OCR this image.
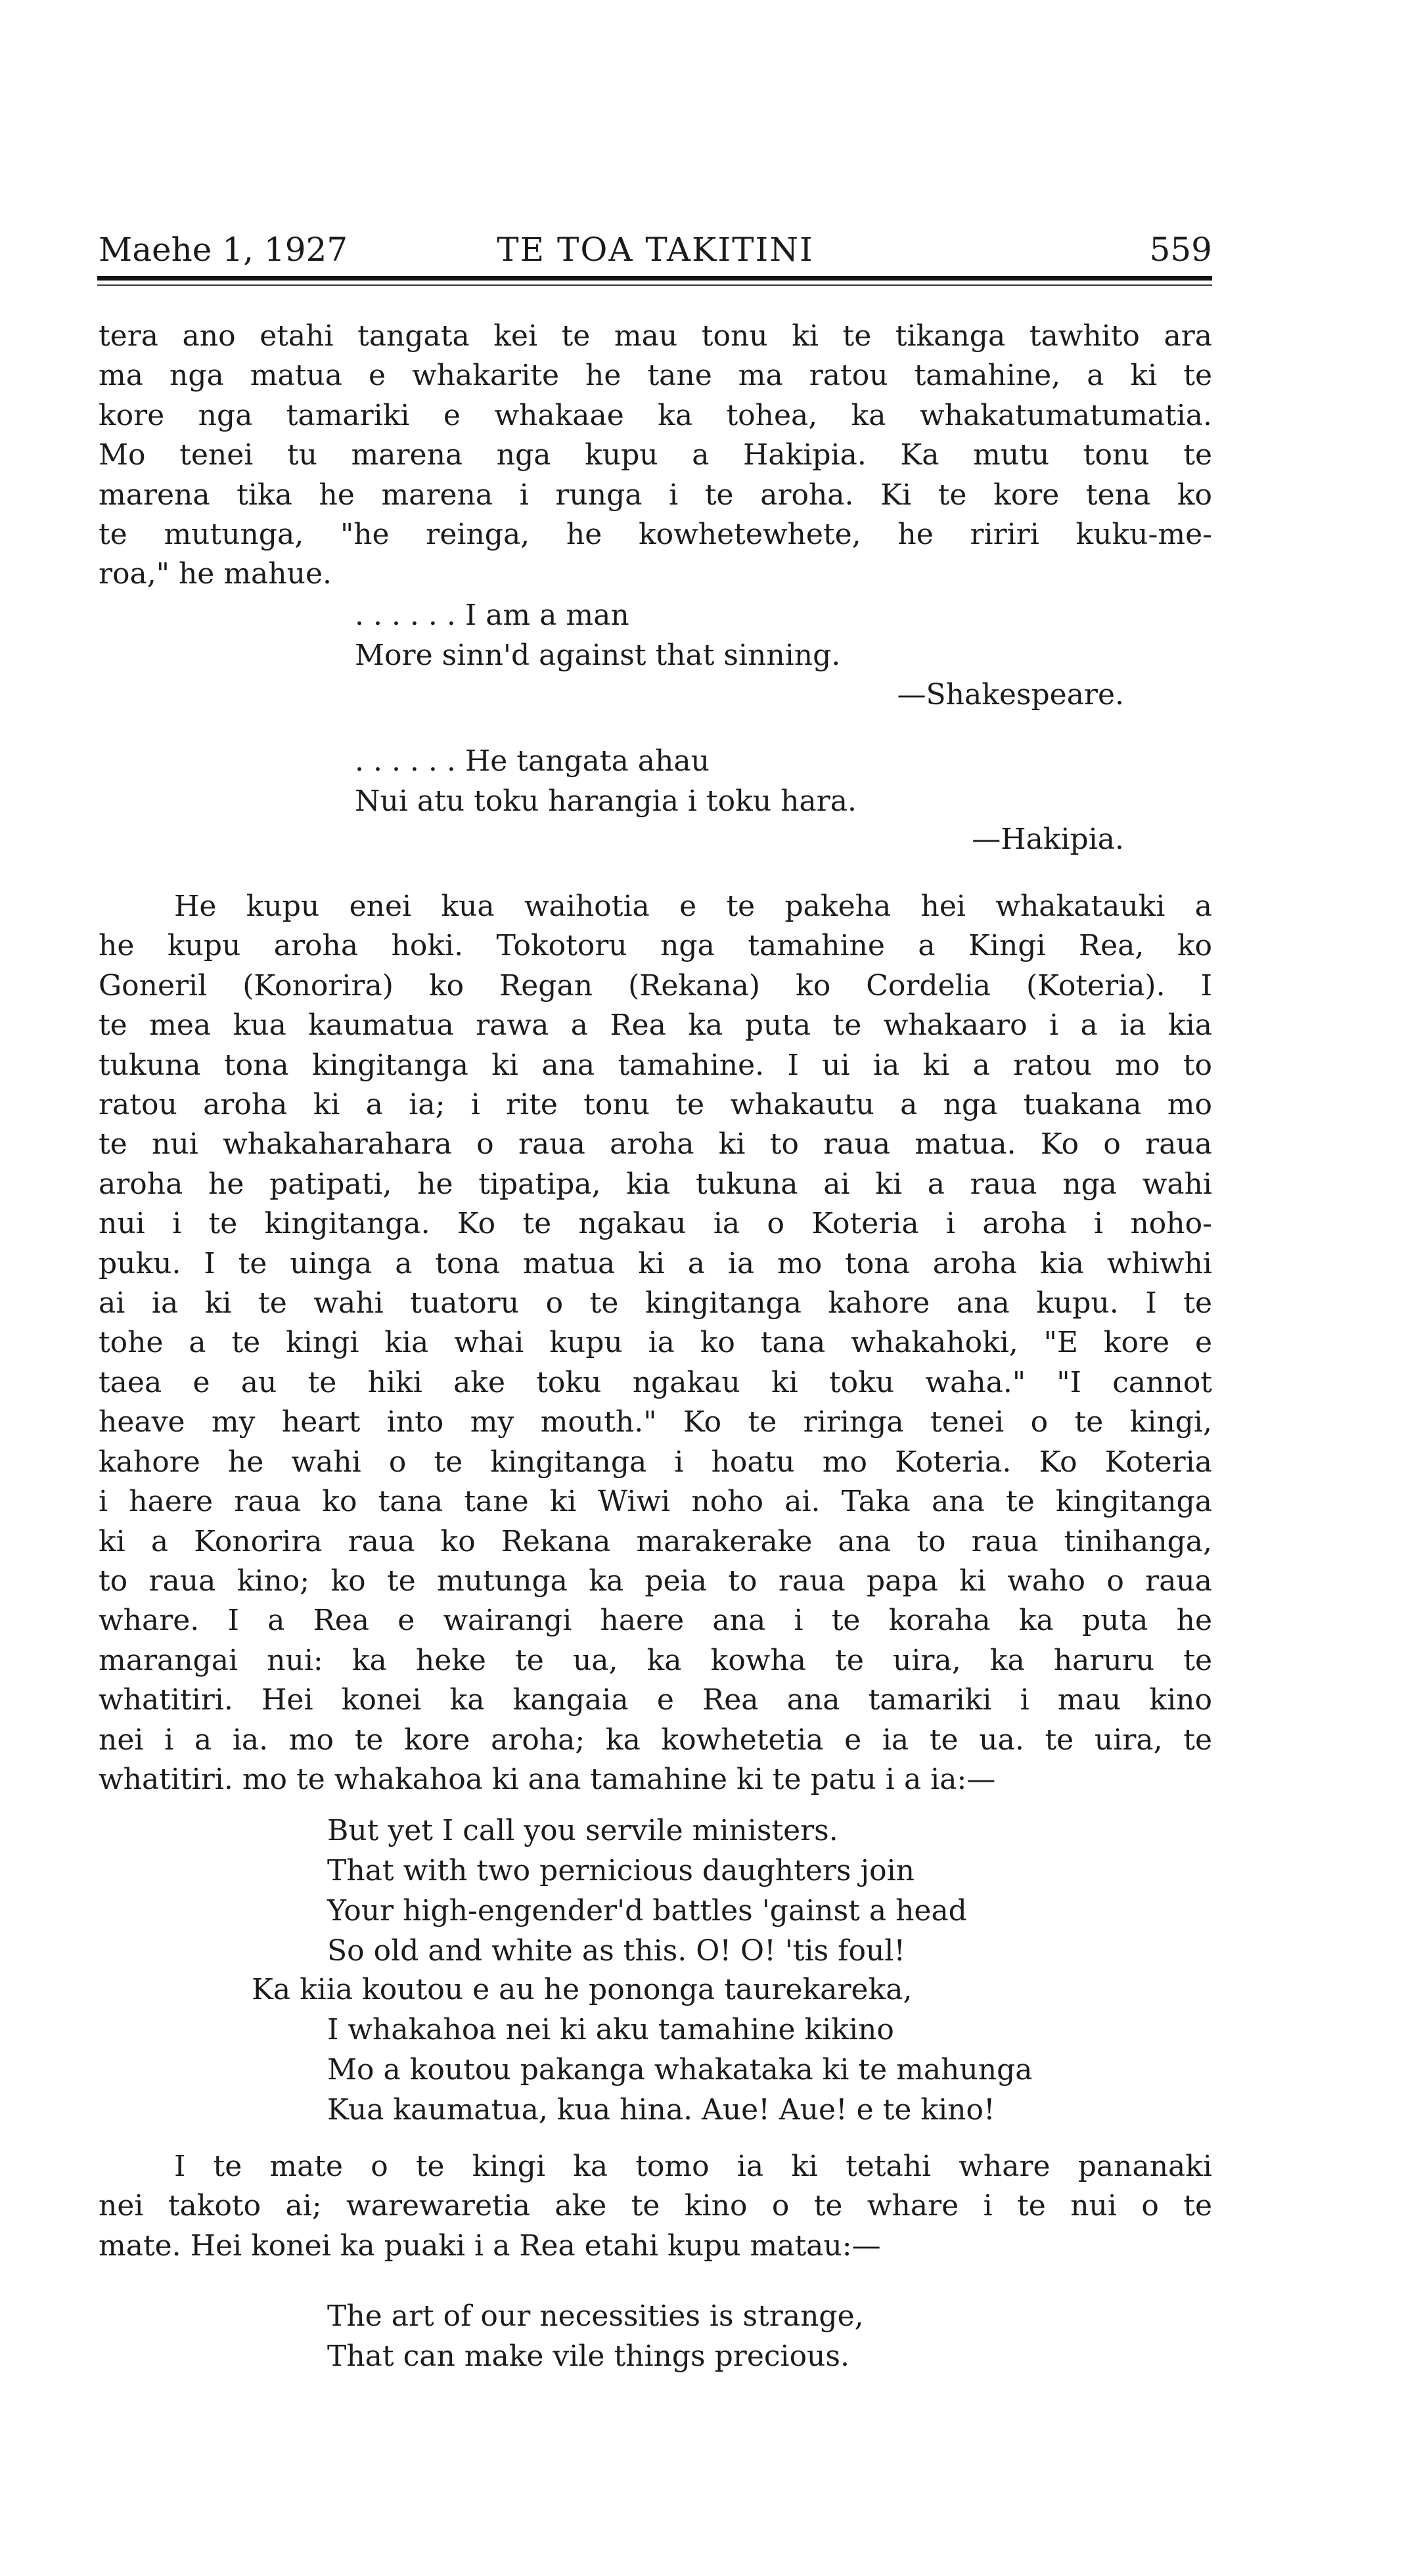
Maehe 1, 1927	TE TOA TAKITINI	559
tera ano etahi tangata kei te mau tonu ki te tikanga tawhito ara
ma nga matua e whakarite he tane ma ratou tamahine, a ki te
kore nga tamariki e whakaae ka tohea, ka whakatumatumatia.
Mo tenei tu marena nga kupu a Hakipia. Ka mutu tonu te
marena tika he marena i runga i te aroha. Ki te kore tena ko
te mutunga, "he reinga, he kowhetewhete, he ririri kuku-me-
roa," he mahue.
. . . . . . I am a man
More sinn'd against that sinning.
—Shakespeare.
. . . . . . He tangata ahau
Nui atu toku harangia i toku hara.
—Hakipia.
He kupu enei kua waihotia e te pakeha hei whakatauki a
he kupu aroha hoki. Tokotoru nga tamahine a Kingi Rea, ko
Goneril (Konorira) ko Regan (Rekana) ko Cordelia (Koteria). I
te mea kua kaumatua rawa a Rea ka puta te whakaaro i a ia kia
tukuna tona kingitanga ki ana tamahine. I ui ia ki a ratou mo to
ratou aroha ki a ia; i rite tonu te whakautu a nga tuakana mo
te nui whakaharahara o raua aroha ki to raua matua. Ko o raua
aroha he patipati, he tipatipa, kia tukuna ai ki a raua nga wahi
nui i te kingitanga. Ko te ngakau ia o Koteria i aroha i noho-
puku. I te uinga a tona matua ki a ia mo tona aroha kia whiwhi
ai ia ki te wahi tuatoru o te kingitanga kahore ana kupu. I te
tohe a te kingi kia whai kupu ia ko tana whakahoki, "E kore e
taea e au te hiki ake toku ngakau ki toku waha." "I cannot
heave my heart into my mouth." Ko te riringa tenei o te kingi,
kahore he wahi o te kingitanga i hoatu mo Koteria. Ko Koteria
i haere raua ko tana tane ki Wiwi noho ai. Taka ana te kingitanga
ki a Konorira raua ko Rekana marakerake ana to raua tinihanga,
to raua kino; ko te mutunga ka peia to raua papa ki waho o raua
whare. I a Rea e wairangi haere ana i te koraha ka puta he
marangai nui: ka heke te ua, ka kowha te uira, ka haruru te
whatitiri. Hei konei ka kangaia e Rea ana tamariki i mau kino
nei i a ia. mo te kore aroha; ka kowhetetia e ia te ua. te uira, te
whatitiri. mo te whakahoa ki ana tamahine ki te patu i a ia:—
But yet I call you servile ministers.
That with two pernicious daughters join
Your high-engender'd battles 'gainst a head
So old and white as this. O! O! 'tis foul!
Ka kiia koutou e au he pononga taurekareka,
I whakahoa nei ki aku tamahine kikino
Mo a koutou pakanga whakataka ki te mahunga
Kua kaumatua, kua hina. Aue! Aue! e te kino!
I te mate o te kingi ka tomo ia ki tetahi whare pananaki
nei takoto ai; warewaretia ake te kino o te whare i te nui o te
mate. Hei konei ka puaki i a Rea etahi kupu matau:—
The art of our necessities is strange,
That can make vile things precious.
